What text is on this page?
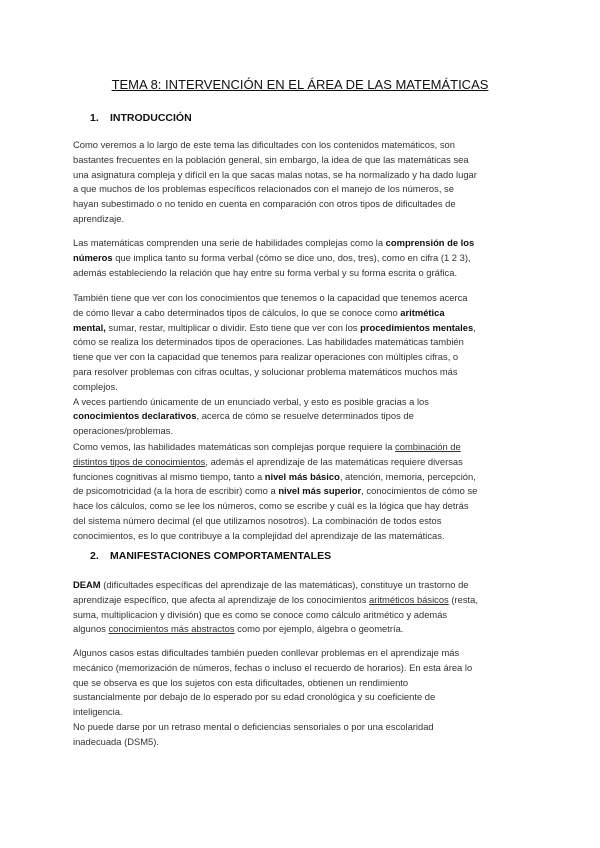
TEMA 8: INTERVENCIÓN EN EL ÁREA DE LAS MATEMÁTICAS
1. INTRODUCCIÓN

Como veremos a lo largo de este tema las dificultades con los contenidos matemáticos, son
bastantes frecuentes en la población general, sin embargo, la idea de que las matemáticas sea
una asignatura compleja y difícil en la que sacas malas notas, se ha normalizado y ha dado lugar
a que muchos de los problemas específicos relacionados con el manejo de los números, se
hayan subestimado o no tenido en cuenta en comparación con otros tipos de dificultades de
aprendizaje.

Las matemáticas comprenden una serie de habilidades complejas como la comprensión de los
números que implica tanto su forma verbal (cómo se dice uno, dos, tres), como en cifra (1 2 3),
además estableciendo la relación que hay entre su forma verbal y su forma escrita o gráfica.

También tiene que ver con los conocimientos que tenemos o la capacidad que tenemos acerca
de cómo llevar a cabo determinados tipos de cálculos, lo que se conoce como aritmética
mental, sumar, restar, multiplicar o dividir. Esto tiene que ver con los procedimientos mentales,
cómo se realiza los determinados tipos de operaciones. Las habilidades matemáticas también
tiene que ver con la capacidad que tenemos para realizar operaciones con múltiples cifras, o
para resolver problemas con cifras ocultas, y solucionar problema matemáticos muchos más
complejos.
A veces partiendo únicamente de un enunciado verbal, y esto es posible gracias a los
conocimientos declarativos, acerca de cómo se resuelve determinados tipos de
operaciones/problemas.

Como vemos, las habilidades matemáticas son complejas porque requiere la combinación de
distintos tipos de conocimientos, además el aprendizaje de las matemáticas requiere diversas
funciones cognitivas al mismo tiempo, tanto a nivel más básico, atención, memoria, percepción,
de psicomotricidad (a la hora de escribir) como a nivel más superior, conocimientos de cómo se
hace los cálculos, como se lee los números, como se escribe y cuál es la lógica que hay detrás
del sistema número decimal (el que utilizamos nosotros). La combinación de todos estos
conocimientos, es lo que contribuye a la complejidad del aprendizaje de las matemáticas.

2. MANIFESTACIONES COMPORTAMENTALES

DEAM (dificultades específicas del aprendizaje de las matemáticas), constituye un trastorno de
aprendizaje específico, que afecta al aprendizaje de los conocimientos aritméticos básicos (resta,
suma, multiplicacion y división) que es como se conoce como cálculo aritmético y además
algunos conocimientos más abstractos como por ejemplo, álgebra o geometría.

Algunos casos estas dificultades también pueden conllevar problemas en el aprendizaje más
mecánico (memorización de números, fechas o incluso el recuerdo de horarios). En esta área lo
que se observa es que los sujetos con esta dificultades, obtienen un rendimiento
sustancialmente por debajo de lo esperado por su edad cronológica y su coeficiente de
inteligencia.
No puede darse por un retraso mental o deficiencias sensoriales o por una escolaridad
inadecuada (DSM5).
